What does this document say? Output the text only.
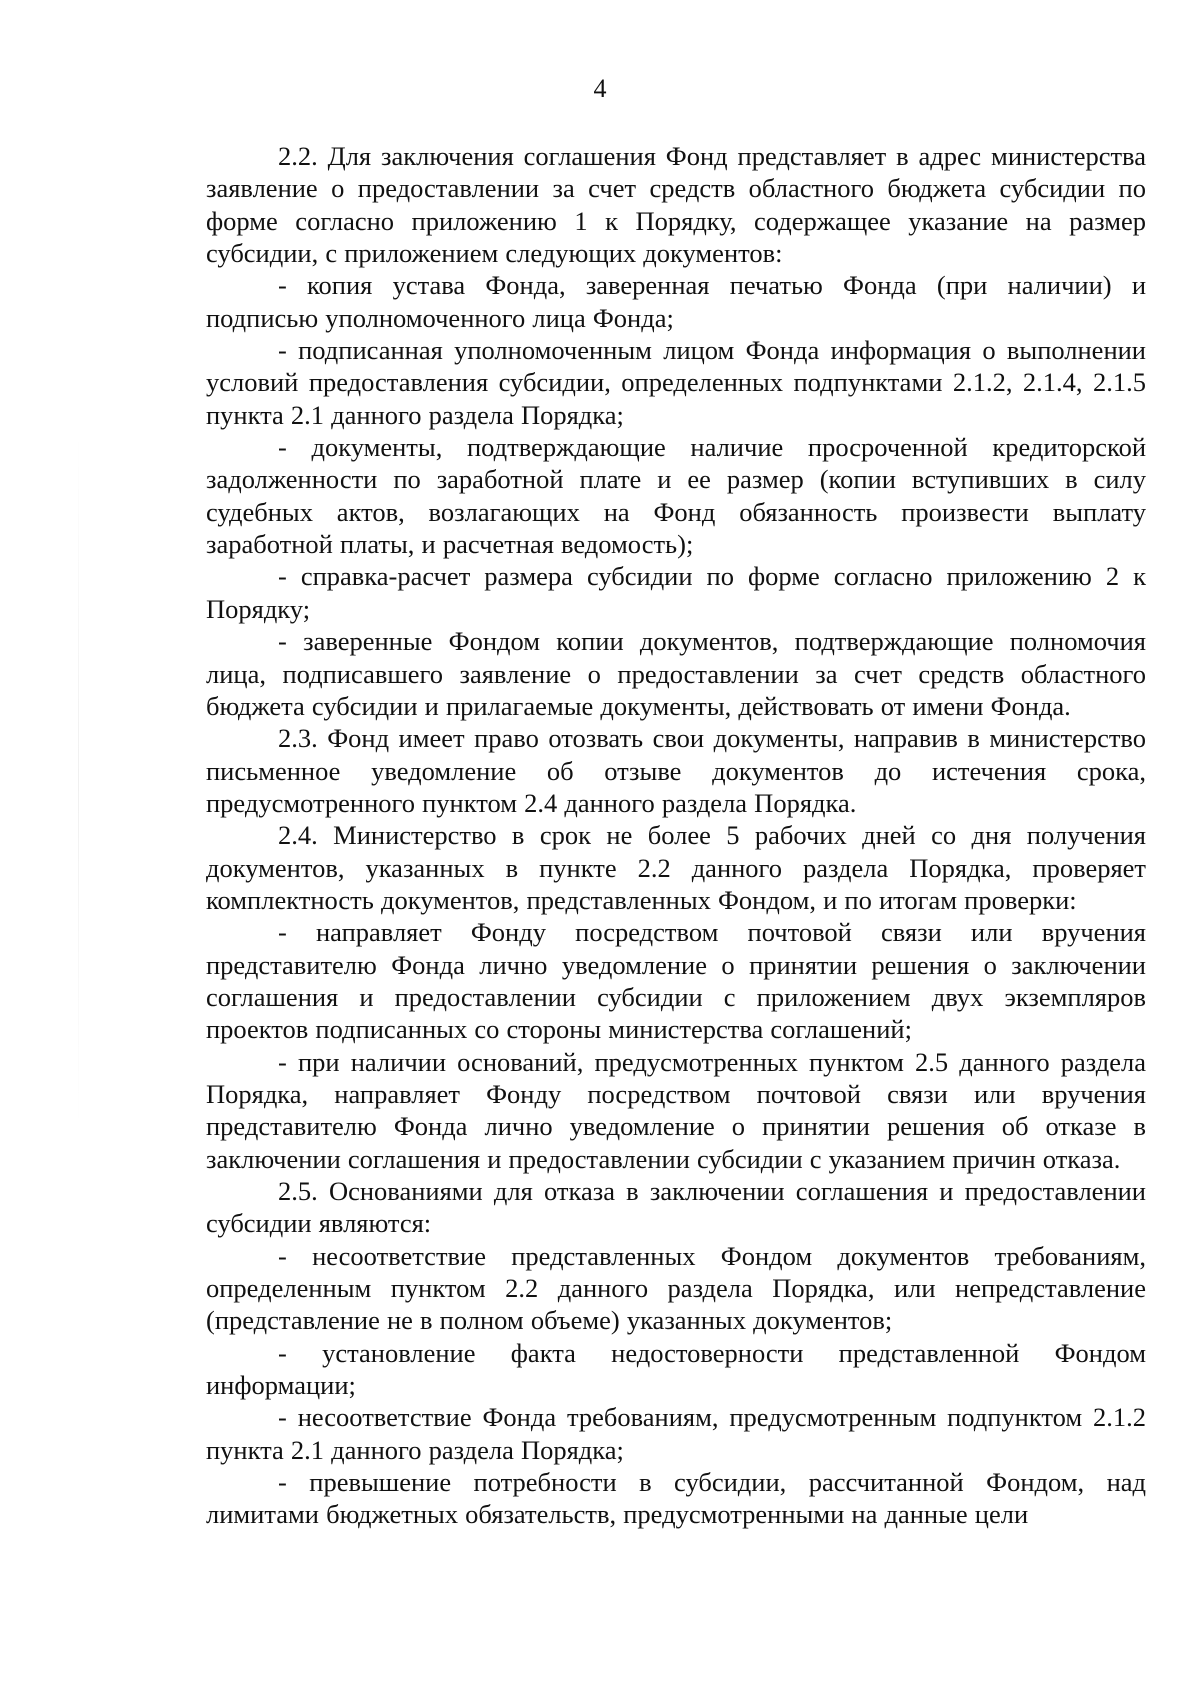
4

2.2. Для заключения соглашения Фонд представляет в адрес министерства заявление о предоставлении за счет средств областного бюджета субсидии по форме согласно приложению 1 к Порядку, содержащее указание на размер субсидии, с приложением следующих документов:

- копия устава Фонда, заверенная печатью Фонда (при наличии) и подписью уполномоченного лица Фонда;

- подписанная уполномоченным лицом Фонда информация о выполнении условий предоставления субсидии, определенных подпунктами 2.1.2, 2.1.4, 2.1.5 пункта 2.1 данного раздела Порядка;

- документы, подтверждающие наличие просроченной кредиторской задолженности по заработной плате и ее размер (копии вступивших в силу судебных актов, возлагающих на Фонд обязанность произвести выплату заработной платы, и расчетная ведомость);

- справка-расчет размера субсидии по форме согласно приложению 2 к Порядку;

- заверенные Фондом копии документов, подтверждающие полномочия лица, подписавшего заявление о предоставлении за счет средств областного бюджета субсидии и прилагаемые документы, действовать от имени Фонда.

2.3. Фонд имеет право отозвать свои документы, направив в министерство письменное уведомление об отзыве документов до истечения срока, предусмотренного пунктом 2.4 данного раздела Порядка.

2.4. Министерство в срок не более 5 рабочих дней со дня получения документов, указанных в пункте 2.2 данного раздела Порядка, проверяет комплектность документов, представленных Фондом, и по итогам проверки:

- направляет Фонду посредством почтовой связи или вручения представителю Фонда лично уведомление о принятии решения о заключении соглашения и предоставлении субсидии с приложением двух экземпляров проектов подписанных со стороны министерства соглашений;

- при наличии оснований, предусмотренных пунктом 2.5 данного раздела Порядка, направляет Фонду посредством почтовой связи или вручения представителю Фонда лично уведомление о принятии решения об отказе в заключении соглашения и предоставлении субсидии с указанием причин отказа.

2.5. Основаниями для отказа в заключении соглашения и предоставлении субсидии являются:

- несоответствие представленных Фондом документов требованиям, определенным пунктом 2.2 данного раздела Порядка, или непредставление (представление не в полном объеме) указанных документов;

- установление факта недостоверности представленной Фондом информации;

- несоответствие Фонда требованиям, предусмотренным подпунктом 2.1.2 пункта 2.1 данного раздела Порядка;

- превышение потребности в субсидии, рассчитанной Фондом, над лимитами бюджетных обязательств, предусмотренными на данные цели
